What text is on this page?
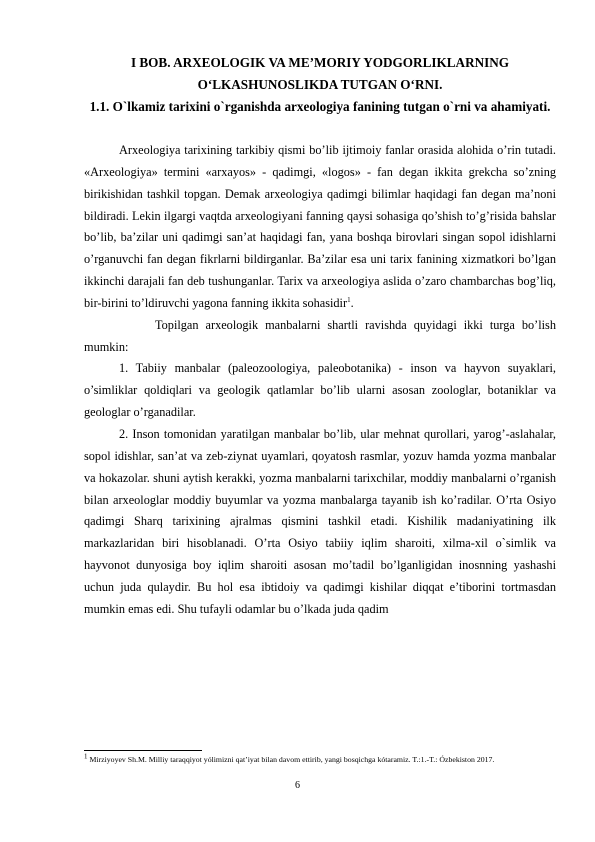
I BOB. ARXEOLOGIK VA ME’MORIY YODGORLIKLARNING O‘LKASHUNOSLIKDA TUTGAN O‘RNI.
1.1. O`lkamiz tarixini o`rganishda arxeologiya fanining tutgan o`rni va ahamiyati.

Arxeologiya tarixining tarkibiy qismi bo’lib ijtimoiy fanlar orasida alohida o’rin tutadi. «Arxeologiya» termini «arxayos» - qadimgi, «logos» - fan degan ikkita grekcha so’zning birikishidan tashkil topgan. Demak arxeologiya qadimgi bilimlar haqidagi fan degan ma’noni bildiradi. Lekin ilgargi vaqtda arxeologiyani fanning qaysi sohasiga qo’shish to’g’risida bahslar bo’lib, ba’zilar uni qadimgi san’at haqidagi fan, yana boshqa birovlari singan sopol idishlarni o’rganuvchi fan degan fikrlarni bildirganlar. Ba’zilar esa uni tarix fanining xizmatkori bo’lgan ikkinchi darajali fan deb tushunganlar. Tarix va arxeologiya aslida o’zaro chambarchas bog’liq, bir-birini to’ldiruvchi yagona fanning ikkita sohasidir$^1$.

Topilgan arxeologik manbalarni shartli ravishda quyidagi ikki turga bo’lish mumkin:

1. Tabiiy manbalar (paleozoologiya, paleobotanika) - inson va hayvon suyaklari, o’simliklar qoldiqlari va geologik qatlamlar bo’lib ularni asosan zoologlar, botaniklar va geologlar o’rganadilar.

2. Inson tomonidan yaratilgan manbalar bo’lib, ular mehnat qurollari, yarog’-aslahalar, sopol idishlar, san’at va zeb-ziynat uyamlari, qoyatosh rasmlar, yozuv hamda yozma manbalar va hokazolar. shuni aytish kerakki, yozma manbalarni tarixchilar, moddiy manbalarni o’rganish bilan arxeologlar moddiy buyumlar va yozma manbalarga tayanib ish ko’radilar. O’rta Osiyo qadimgi Sharq tarixining ajralmas qismini tashkil etadi. Kishilik madaniyatining ilk markazlaridan biri hisoblanadi. O’rta Osiyo tabiiy iqlim sharoiti, xilma-xil o`simlik va hayvonot dunyosiga boy iqlim sharoiti asosan mo’tadil bo’lganligidan inosnning yashashi uchun juda qulaydir. Bu hol esa ibtidoiy va qadimgi kishilar diqqat e’tiborini tortmasdan mumkin emas edi. Shu tufayli odamlar bu o’lkada juda qadim

$^1$ Mirziyoyev Sh.M. Milliy taraqqiyot yólimizni qat’iyat bilan davom ettirib, yangi bosqichga kótaramiz. T.:1.-T.: Ózbekiston 2017.
6
